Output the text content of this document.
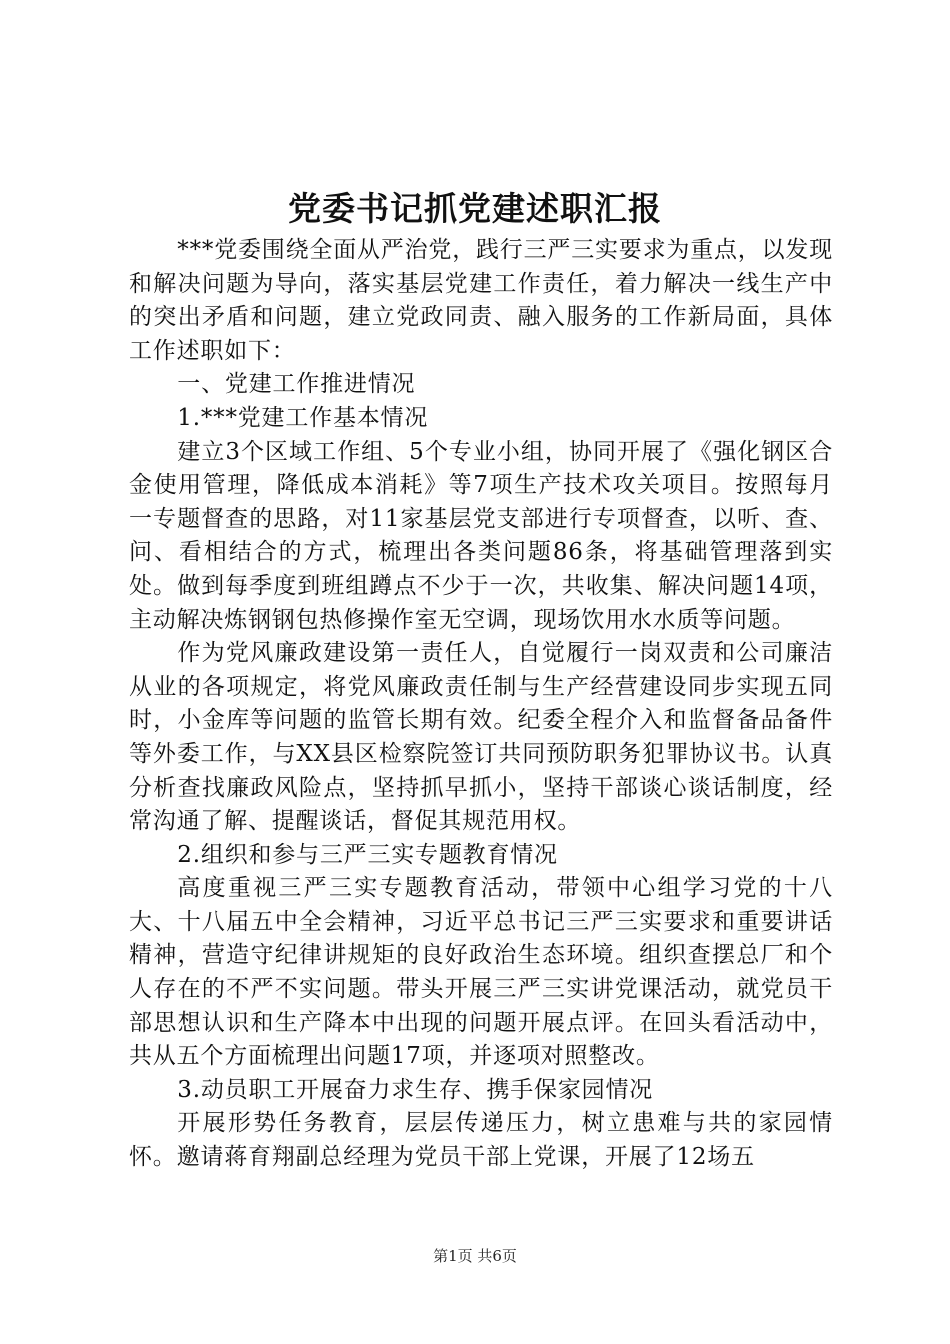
党委书记抓党建述职汇报

***党委围绕全面从严治党，践行三严三实要求为重点，以发现和解决问题为导向，落实基层党建工作责任，着力解决一线生产中的突出矛盾和问题，建立党政同责、融入服务的工作新局面，具体工作述职如下：

一、党建工作推进情况

1.***党建工作基本情况

建立3个区域工作组、5个专业小组，协同开展了《强化钢区合金使用管理，降低成本消耗》等7项生产技术攻关项目。按照每月一专题督查的思路，对11家基层党支部进行专项督查，以听、查、问、看相结合的方式，梳理出各类问题86条，将基础管理落到实处。做到每季度到班组蹲点不少于一次，共收集、解决问题14项，主动解决炼钢钢包热修操作室无空调，现场饮用水水质等问题。

作为党风廉政建设第一责任人，自觉履行一岗双责和公司廉洁从业的各项规定，将党风廉政责任制与生产经营建设同步实现五同时，小金库等问题的监管长期有效。纪委全程介入和监督备品备件等外委工作，与XX县区检察院签订共同预防职务犯罪协议书。认真分析查找廉政风险点，坚持抓早抓小，坚持干部谈心谈话制度，经常沟通了解、提醒谈话，督促其规范用权。

2.组织和参与三严三实专题教育情况

高度重视三严三实专题教育活动，带领中心组学习党的十八大、十八届五中全会精神，习近平总书记三严三实要求和重要讲话精神，营造守纪律讲规矩的良好政治生态环境。组织查摆总厂和个人存在的不严不实问题。带头开展三严三实讲党课活动，就党员干部思想认识和生产降本中出现的问题开展点评。在回头看活动中，共从五个方面梳理出问题17项，并逐项对照整改。

3.动员职工开展奋力求生存、携手保家园情况

开展形势任务教育，层层传递压力，树立患难与共的家园情怀。邀请蒋育翔副总经理为党员干部上党课，开展了12场五

第1页 共6页
